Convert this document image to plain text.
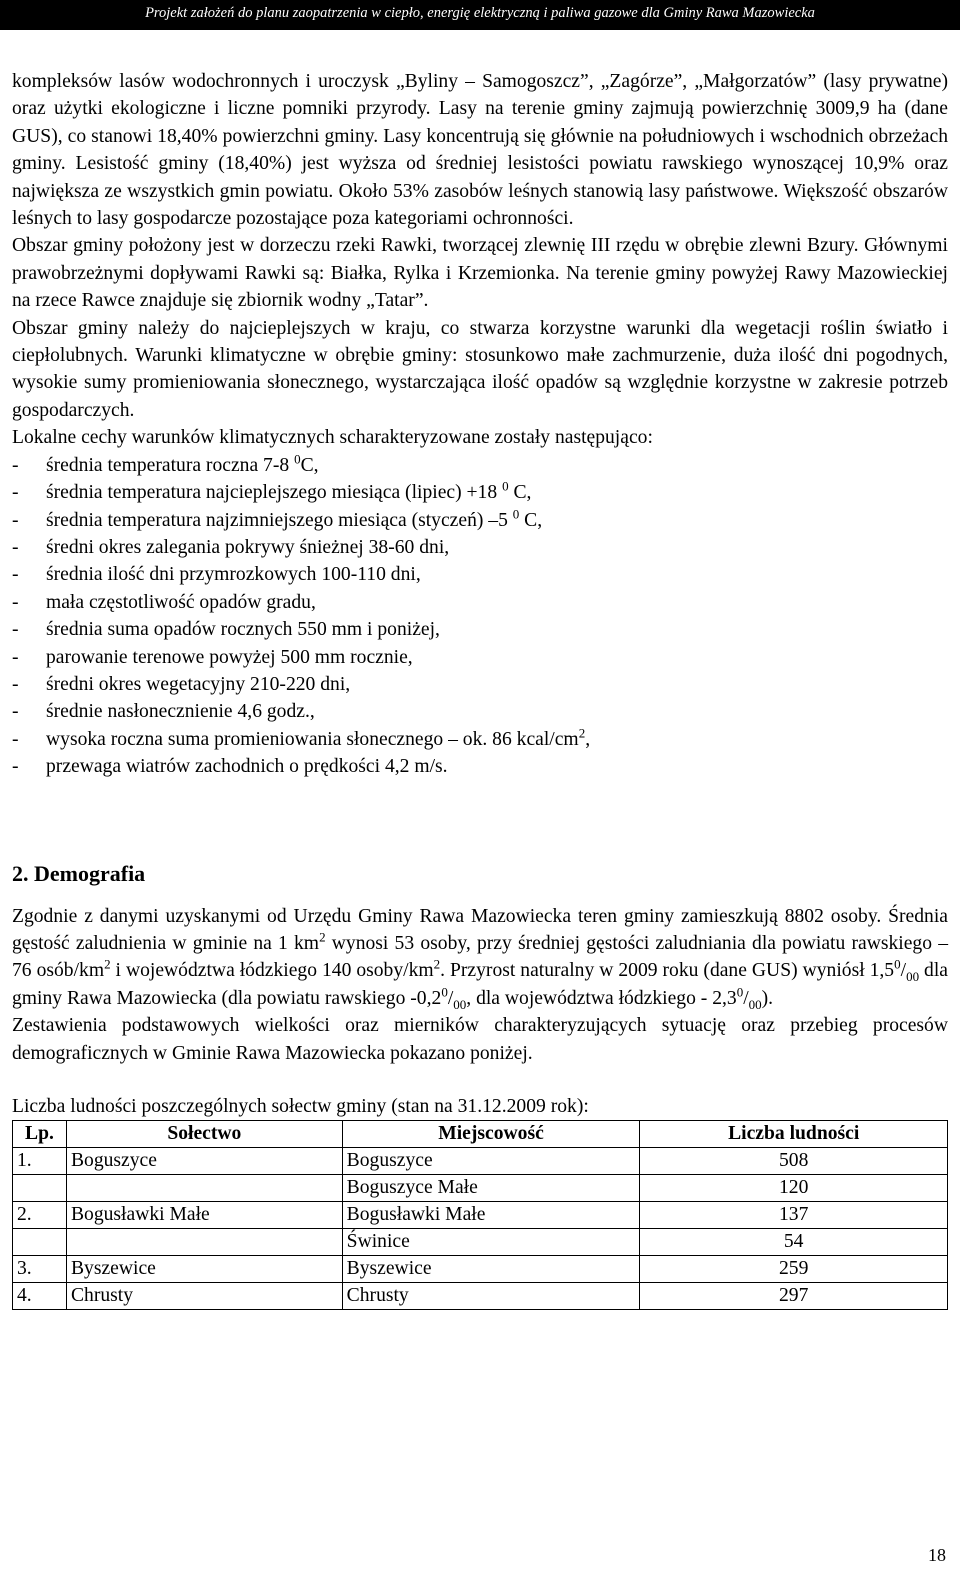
Projekt założeń do planu zaopatrzenia w ciepło, energię elektryczną i paliwa gazowe dla Gminy Rawa Mazowiecka

kompleksów lasów wodochronnych i uroczysk „Byliny – Samogoszcz”, „Zagórze”, „Małgorzatów” (lasy prywatne) oraz użytki ekologiczne i liczne pomniki przyrody. Lasy na terenie gminy zajmują powierzchnię 3009,9 ha (dane GUS), co stanowi 18,40% powierzchni gminy. Lasy koncentrują się głównie na południowych i wschodnich obrzeżach gminy. Lesistość gminy (18,40%) jest wyższa od średniej lesistości powiatu rawskiego wynoszącej 10,9% oraz największa ze wszystkich gmin powiatu. Około 53% zasobów leśnych stanowią lasy państwowe. Większość obszarów leśnych to lasy gospodarcze pozostające poza kategoriami ochronności.

Obszar gminy położony jest w dorzeczu rzeki Rawki, tworzącej zlewnię III rzędu w obrębie zlewni Bzury. Głównymi prawobrzeżnymi dopływami Rawki są: Białka, Rylka i Krzemionka. Na terenie gminy powyżej Rawy Mazowieckiej na rzece Rawce znajduje się zbiornik wodny „Tatar”.

Obszar gminy należy do najcieplejszych w kraju, co stwarza korzystne warunki dla wegetacji roślin światło i ciepłolubnych. Warunki klimatyczne w obrębie gminy: stosunkowo małe zachmurzenie, duża ilość dni pogodnych, wysokie sumy promieniowania słonecznego, wystarczająca ilość opadów są względnie korzystne w zakresie potrzeb gospodarczych.

Lokalne cechy warunków klimatycznych scharakteryzowane zostały następująco:

- średnia temperatura roczna 7-8 $^0$C,
- średnia temperatura najcieplejszego miesiąca (lipiec) +18 $^0$ C,
- średnia temperatura najzimniejszego miesiąca (styczeń) –5 $^0$ C,
- średni okres zalegania pokrywy śnieżnej 38-60 dni,
- średnia ilość dni przymrozkowych 100-110 dni,
- mała częstotliwość opadów gradu,
- średnia suma opadów rocznych 550 mm i poniżej,
- parowanie terenowe powyżej 500 mm rocznie,
- średni okres wegetacyjny 210-220 dni,
- średnie nasłonecznienie 4,6 godz.,
- wysoka roczna suma promieniowania słonecznego – ok. 86 kcal/$cm^2$,
- przewaga wiatrów zachodnich o prędkości 4,2 m/s.
2. Demografia

Zgodnie z danymi uzyskanymi od Urzędu Gminy Rawa Mazowiecka teren gminy zamieszkują 8802 osoby. Średnia gęstość zaludnienia w gminie na 1 $km^2$ wynosi 53 osoby, przy średniej gęstości zaludniania dla powiatu rawskiego – 76 osób/$km^2$ i województwa łódzkiego 140 osoby/$km^2$. Przyrost naturalny w 2009 roku (dane GUS) wyniósł $1,5^0/_{00}$ dla gminy Rawa Mazowiecka (dla powiatu rawskiego $-0,2^0/_{00}$, dla województwa łódzkiego - $2,3^0/_{00}$).

Zestawienia podstawowych wielkości oraz mierników charakteryzujących sytuację oraz przebieg procesów demograficznych w Gminie Rawa Mazowiecka pokazano poniżej.

Liczba ludności poszczególnych sołectw gminy (stan na 31.12.2009 rok):

Lp.	Sołectwo	Miejscowość	Liczba ludności
1.	Boguszyce	Boguszyce	508
		Boguszyce Małe	120
2.	Bogusławki Małe	Bogusławki Małe	137
		Świnice	54
3.	Byszewice	Byszewice	259
4.	Chrusty	Chrusty	297
18
